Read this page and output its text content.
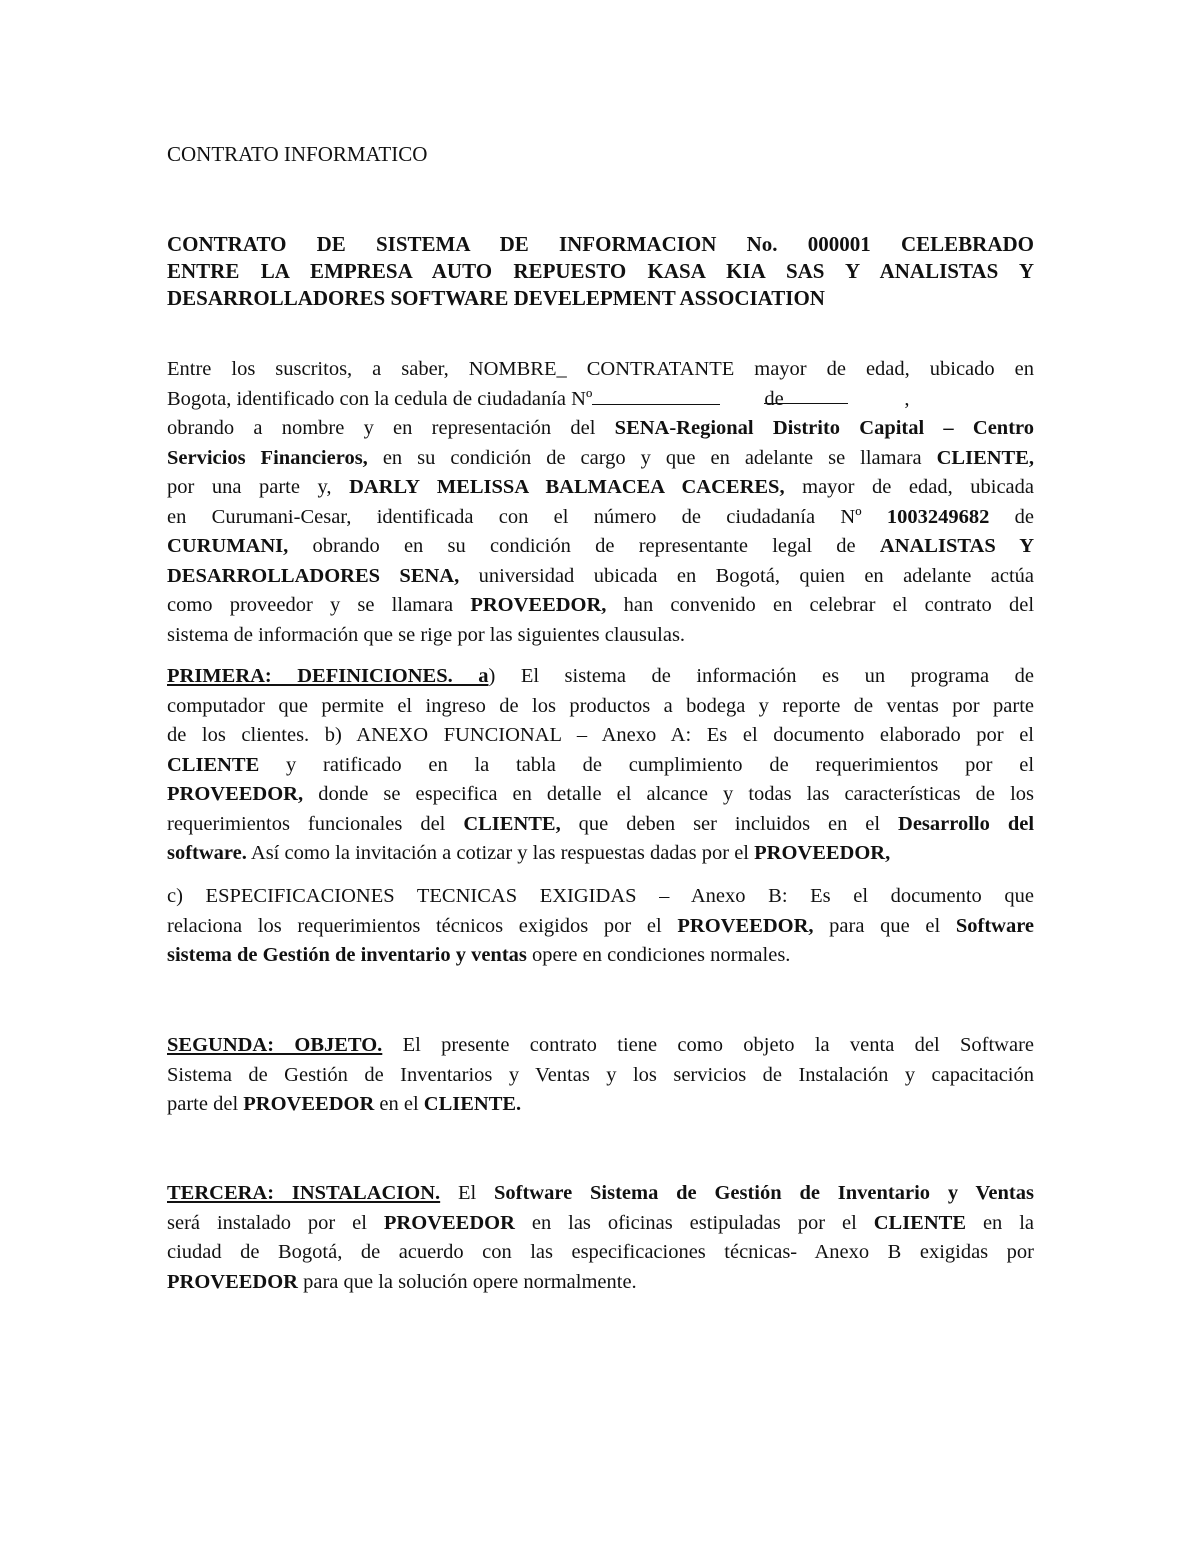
CONTRATO INFORMATICO
CONTRATO DE SISTEMA DE INFORMACION No. 000001 CELEBRADO
ENTRE LA EMPRESA AUTO REPUESTO KASA KIA SAS Y ANALISTAS Y
DESARROLLADORES SOFTWARE DEVELEPMENT ASSOCIATION
Entre los suscritos, a saber, NOMBRE_ CONTRATANTE mayor de edad, ubicado en
Bogota, identificado con la cedula de ciudadanía Nº	de	,
obrando a nombre y en representación del SENA-Regional Distrito Capital – Centro
Servicios Financieros, en su condición de cargo y que en adelante se llamara CLIENTE,
por una parte y, DARLY MELISSA BALMACEA CACERES, mayor de edad, ubicada
en Curumani-Cesar, identificada con el número de ciudadanía Nº 1003249682 de
CURUMANI, obrando en su condición de representante legal de ANALISTAS Y
DESARROLLADORES SENA, universidad ubicada en Bogotá, quien en adelante actúa
como proveedor y se llamara PROVEEDOR, han convenido en celebrar el contrato del
sistema de información que se rige por las siguientes clausulas.
PRIMERA: DEFINICIONES. a) El sistema de información es un programa de
computador que permite el ingreso de los productos a bodega y reporte de ventas por parte
de los clientes. b) ANEXO FUNCIONAL – Anexo A: Es el documento elaborado por el
CLIENTE y ratificado en la tabla de cumplimiento de requerimientos por el
PROVEEDOR, donde se especifica en detalle el alcance y todas las características de los
requerimientos funcionales del CLIENTE, que deben ser incluidos en el Desarrollo del
software. Así como la invitación a cotizar y las respuestas dadas por el PROVEEDOR,
c) ESPECIFICACIONES TECNICAS EXIGIDAS – Anexo B: Es el documento que
relaciona los requerimientos técnicos exigidos por el PROVEEDOR, para que el Software
sistema de Gestión de inventario y ventas opere en condiciones normales.
SEGUNDA: OBJETO. El presente contrato tiene como objeto la venta del Software
Sistema de Gestión de Inventarios y Ventas y los servicios de Instalación y capacitación
parte del PROVEEDOR en el CLIENTE.
TERCERA: INSTALACION. El Software Sistema de Gestión de Inventario y Ventas
será instalado por el PROVEEDOR en las oficinas estipuladas por el CLIENTE en la
ciudad de Bogotá, de acuerdo con las especificaciones técnicas- Anexo B exigidas por
PROVEEDOR para que la solución opere normalmente.
